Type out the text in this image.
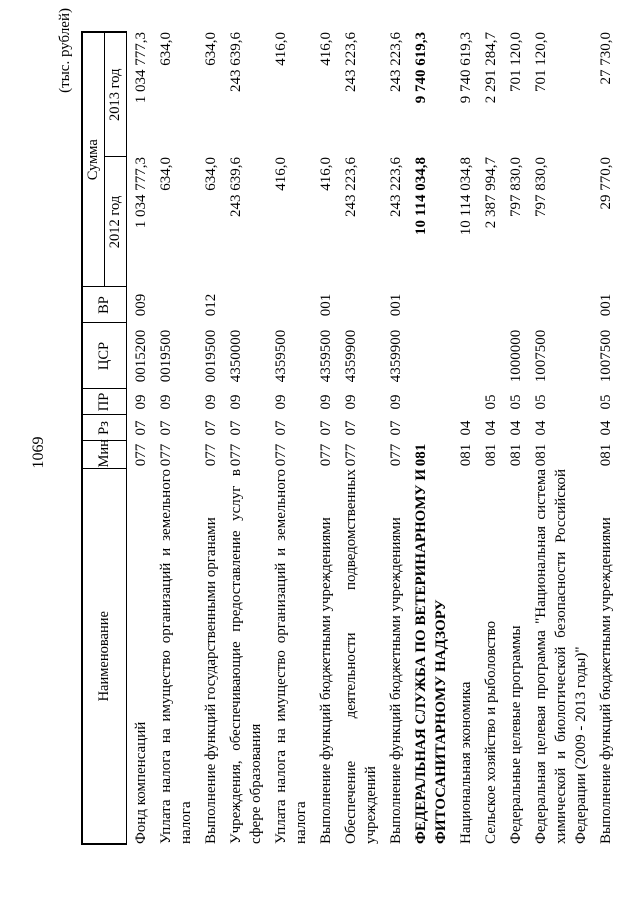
1069
(тыс. рублей)
Наименование	Мин	Рз	ПР	ЦСР	ВР	Сумма	
						2012 год	2013 год
Фонд компенсаций	077	07	09	0015200	009	1 034 777,3	1 034 777,3
Уплата налога на имущество организаций и земельного налога	077	07	09	0019500		634,0	634,0
Выполнение функций государственными органами	077	07	09	0019500	012	634,0	634,0
Учреждения, обеспечивающие предоставление услуг в сфере образования	077	07	09	4350000		243 639,6	243 639,6
Уплата налога на имущество организаций и земельного налога	077	07	09	4359500		416,0	416,0
Выполнение функций бюджетными учреждениями	077	07	09	4359500	001	416,0	416,0
Обеспечение деятельности подведомственных учреждений	077	07	09	4359900		243 223,6	243 223,6
Выполнение функций бюджетными учреждениями	077	07	09	4359900	001	243 223,6	243 223,6
ФЕДЕРАЛЬНАЯ СЛУЖБА ПО ВЕТЕРИНАРНОМУ И ФИТОСАНИТАРНОМУ НАДЗОРУ	081					10 114 034,8	9 740 619,3
Национальная экономика	081	04				10 114 034,8	9 740 619,3
Сельское хозяйство и рыболовство	081	04	05			2 387 994,7	2 291 284,7
Федеральные целевые программы	081	04	05	1000000		797 830,0	701 120,0
Федеральная целевая программа "Национальная система химической и биологической безопасности Российской Федерации (2009 - 2013 годы)"	081	04	05	1007500		797 830,0	701 120,0
Выполнение функций бюджетными учреждениями	081	04	05	1007500	001	29 770,0	27 730,0
